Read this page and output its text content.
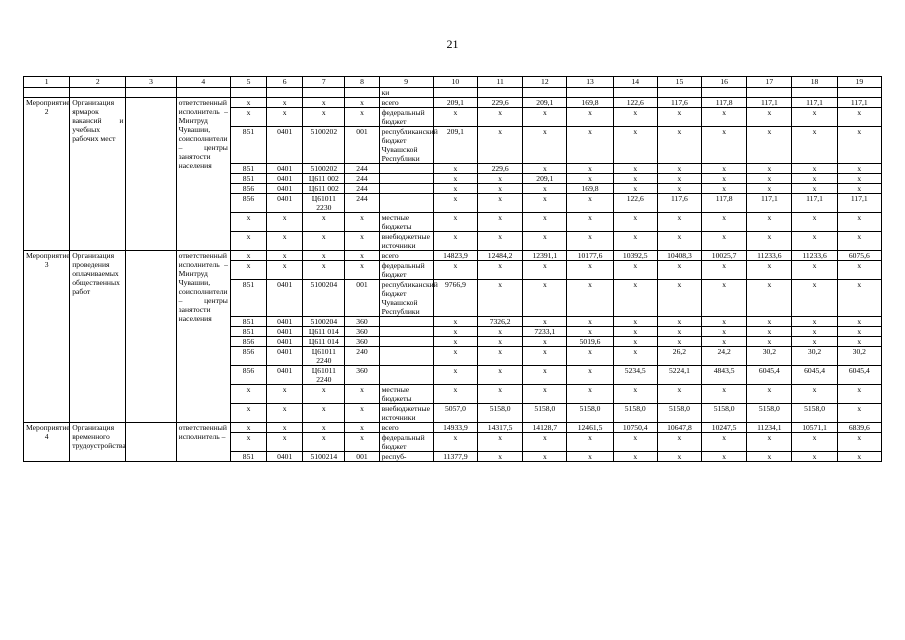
21
1	2	3	4	5	6	7	8	9	10	11	12	13	14	15	16	17	18	19
								ки										
Мероприятие 2	Организация ярмарок вакансий и учебных рабочих мест		ответственный исполнитель – Минтруд Чувашии, соисполнители – центры занятости населения	x	x	x	x	всего	209,1	229,6	209,1	169,8	122,6	117,6	117,8	117,1	117,1	117,1
				x	x	x	x	федеральный бюджет	x	x	x	x	x	x	x	x	x	x
				851	0401	5100202	001	республиканский бюджет Чувашской Республики	209,1	x	x	x	x	x	x	x	x	x
				851	0401	5100202	244		x	229,6	x	x	x	x	x	x	x	x
				851	0401	Ц611 002	244		x	x	209,1	x	x	x	x	x	x	x
				856	0401	Ц611 002	244		x	x	x	169,8	x	x	x	x	x	x
				856	0401	Ц61011 2230	244		x	x	x	x	122,6	117,6	117,8	117,1	117,1	117,1
				x	x	x	x	местные бюджеты	x	x	x	x	x	x	x	x	x	x
				x	x	x	x	внебюджетные источники	x	x	x	x	x	x	x	x	x	x
Мероприятие 3	Организация проведения оплачиваемых общественных работ		ответственный исполнитель – Минтруд Чувашии, соисполнители – центры занятости населения	x	x	x	x	всего	14823,9	12484,2	12391,1	10177,6	10392,5	10408,3	10025,7	11233,6	11233,6	6075,6
				x	x	x	x	федеральный бюджет	x	x	x	x	x	x	x	x	x	x
				851	0401	5100204	001	республиканский бюджет Чувашской Республики	9766,9	x	x	x	x	x	x	x	x	x
				851	0401	5100204	360		x	7326,2	x	x	x	x	x	x	x	x
				851	0401	Ц611 014	360		x	x	7233,1	x	x	x	x	x	x	x
				856	0401	Ц611 014	360		x	x	x	5019,6	x	x	x	x	x	x
				856	0401	Ц61011 2240	240		x	x	x	x	x	26,2	24,2	30,2	30,2	30,2
				856	0401	Ц61011 2240	360		x	x	x	x	5234,5	5224,1	4843,5	6045,4	6045,4	6045,4
				x	x	x	x	местные бюджеты	x	x	x	x	x	x	x	x	x	x
				x	x	x	x	внебюджетные источники	5057,0	5158,0	5158,0	5158,0	5158,0	5158,0	5158,0	5158,0	5158,0	x
Мероприятие 4	Организация временного трудоустройства		ответственный исполнитель –	x	x	x	x	всего	14933,9	14317,5	14128,7	12461,5	10750,4	10647,8	10247,5	11234,1	10571,1	6839,6
				x	x	x	x	федеральный бюджет	x	x	x	x	x	x	x	x	x	x
				851	0401	5100214	001	респуб-	11377,9	x	x	x	x	x	x	x	x	x
